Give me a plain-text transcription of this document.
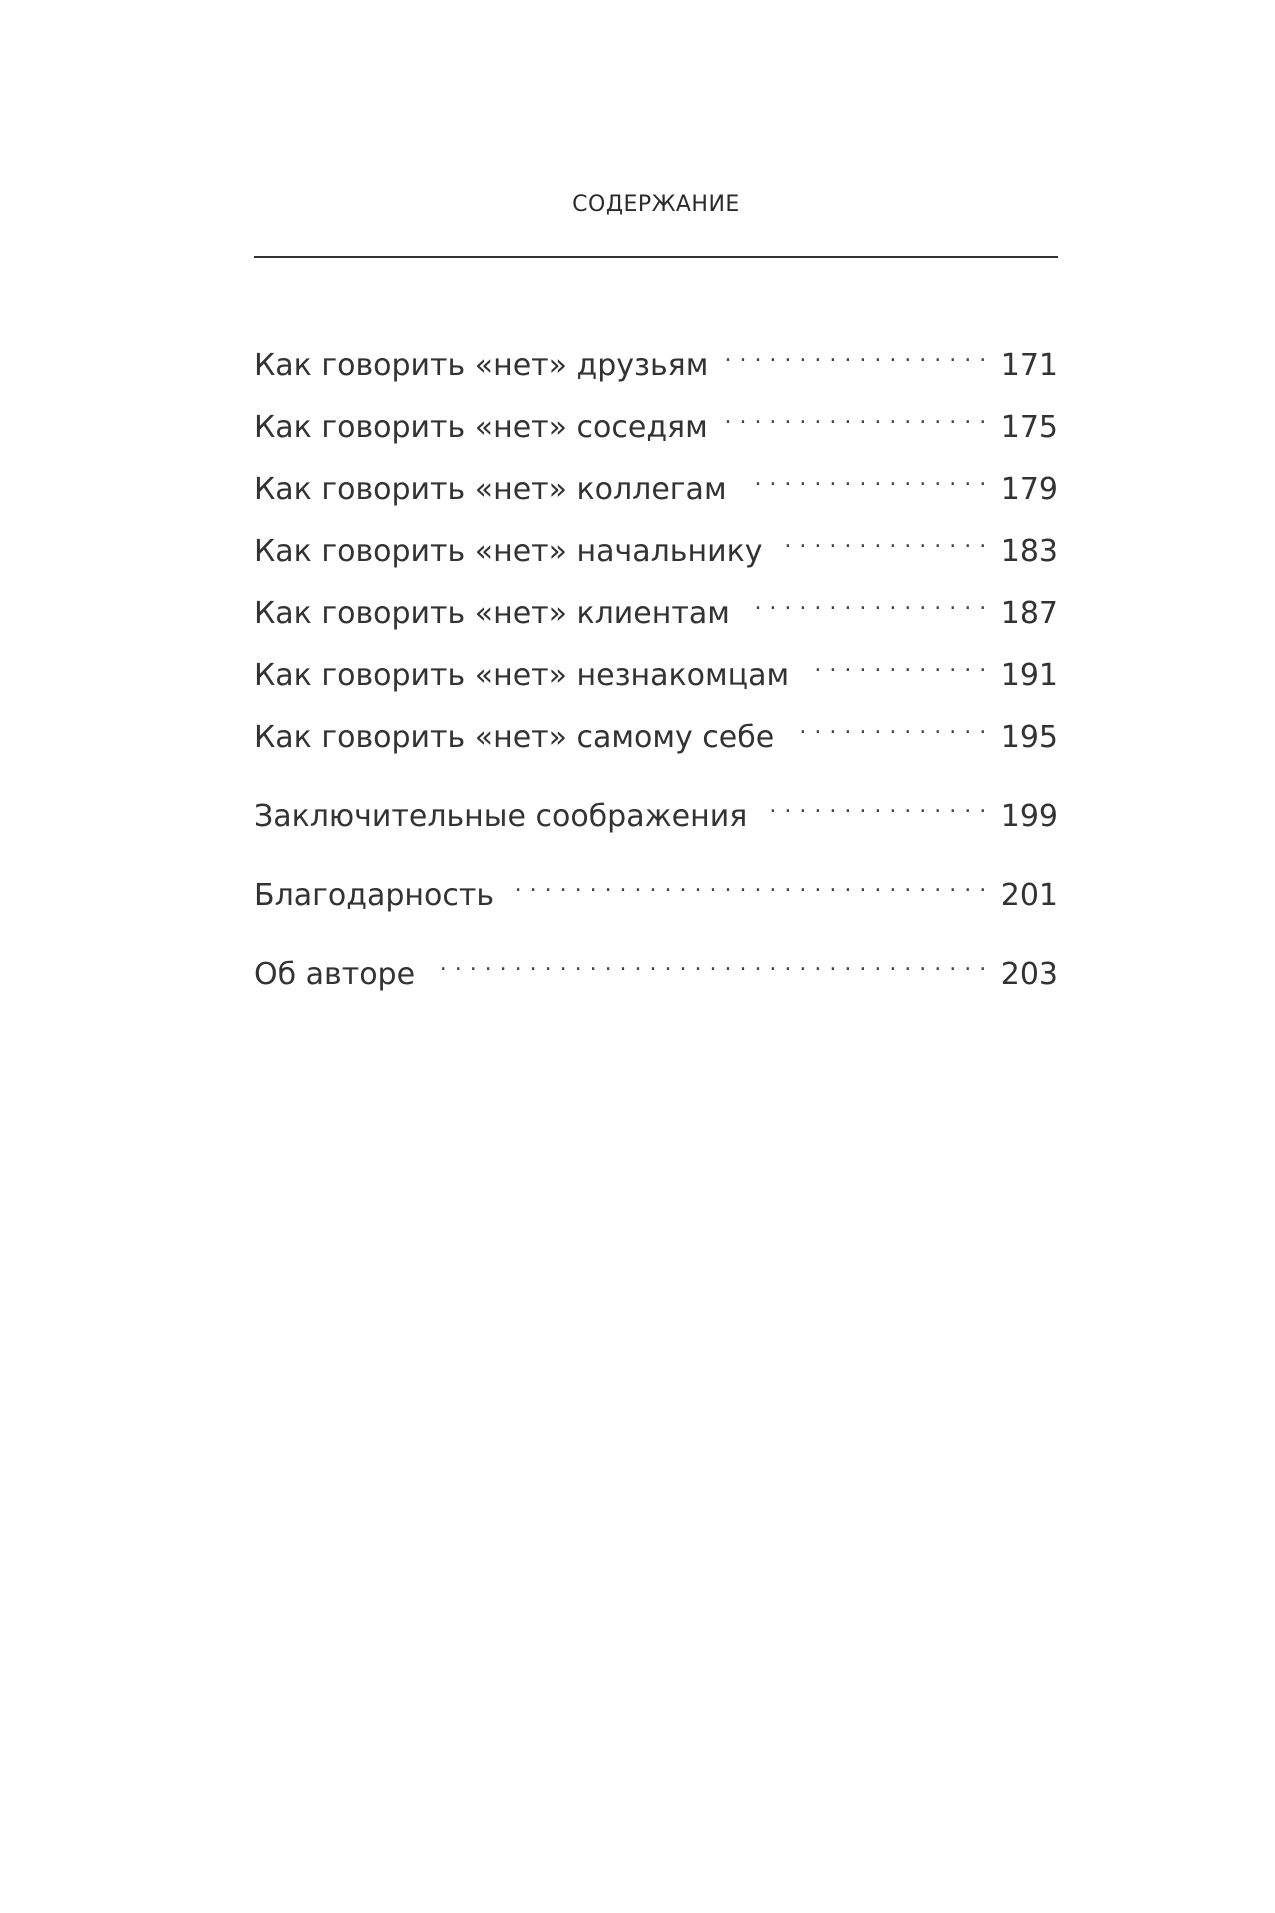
СОДЕРЖАНИЕ
Как говорить «нет» друзьям . . .	171
Как говорить «нет» соседям . . .	175
Как говорить «нет» коллегам . . .	179
Как говорить «нет» начальнику . . .	183
Как говорить «нет» клиентам . . .	187
Как говорить «нет» незнакомцам . . .	191
Как говорить «нет» самому себе . . .	195
Заключительные соображения . . .	199
Благодарность . . .	201
Об авторе . . .	203
